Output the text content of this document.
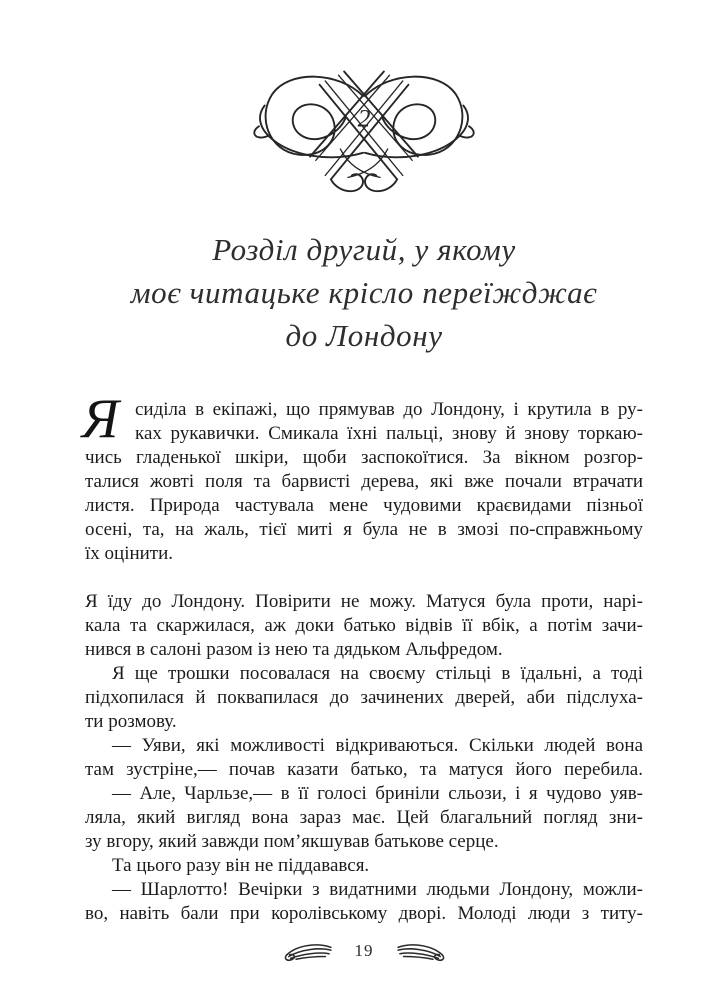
2
Розділ другий, у якому
моє читацьке крісло переїжджає
до Лондону
Я сиділа в екіпажі, що прямував до Лондону, і крутила в ру-
ках рукавички. Смикала їхні пальці, знову й знову торкаю-
чись гладенької шкіри, щоби заспокоїтися. За вікном розгор-
талися жовті поля та барвисті дерева, які вже почали втрачати
листя. Природа частувала мене чудовими краєвидами пізньої
осені, та, на жаль, тієї миті я була не в змозі по-справжньому
їх оцінити.
Я їду до Лондону. Повірити не можу. Матуся була проти, нарі-
кала та скаржилася, аж доки батько відвів її вбік, а потім зачи-
нився в салоні разом із нею та дядьком Альфредом.
Я ще трошки посовалася на своєму стільці в їдальні, а тоді
підхопилася й поквапилася до зачинених дверей, аби підслуха-
ти розмову.
— Уяви, які можливості відкриваються. Скільки людей вона
там зустріне,— почав казати батько, та матуся його перебила.
— Але, Чарльзе,— в її голосі бриніли сльози, і я чудово уяв-
ляла, який вигляд вона зараз має. Цей благальний погляд зни-
зу вгору, який завжди пом’якшував батькове серце.
Та цього разу він не піддавався.
— Шарлотто! Вечірки з видатними людьми Лондону, можли-
во, навіть бали при королівському дворі. Молоді люди з титу-
19
